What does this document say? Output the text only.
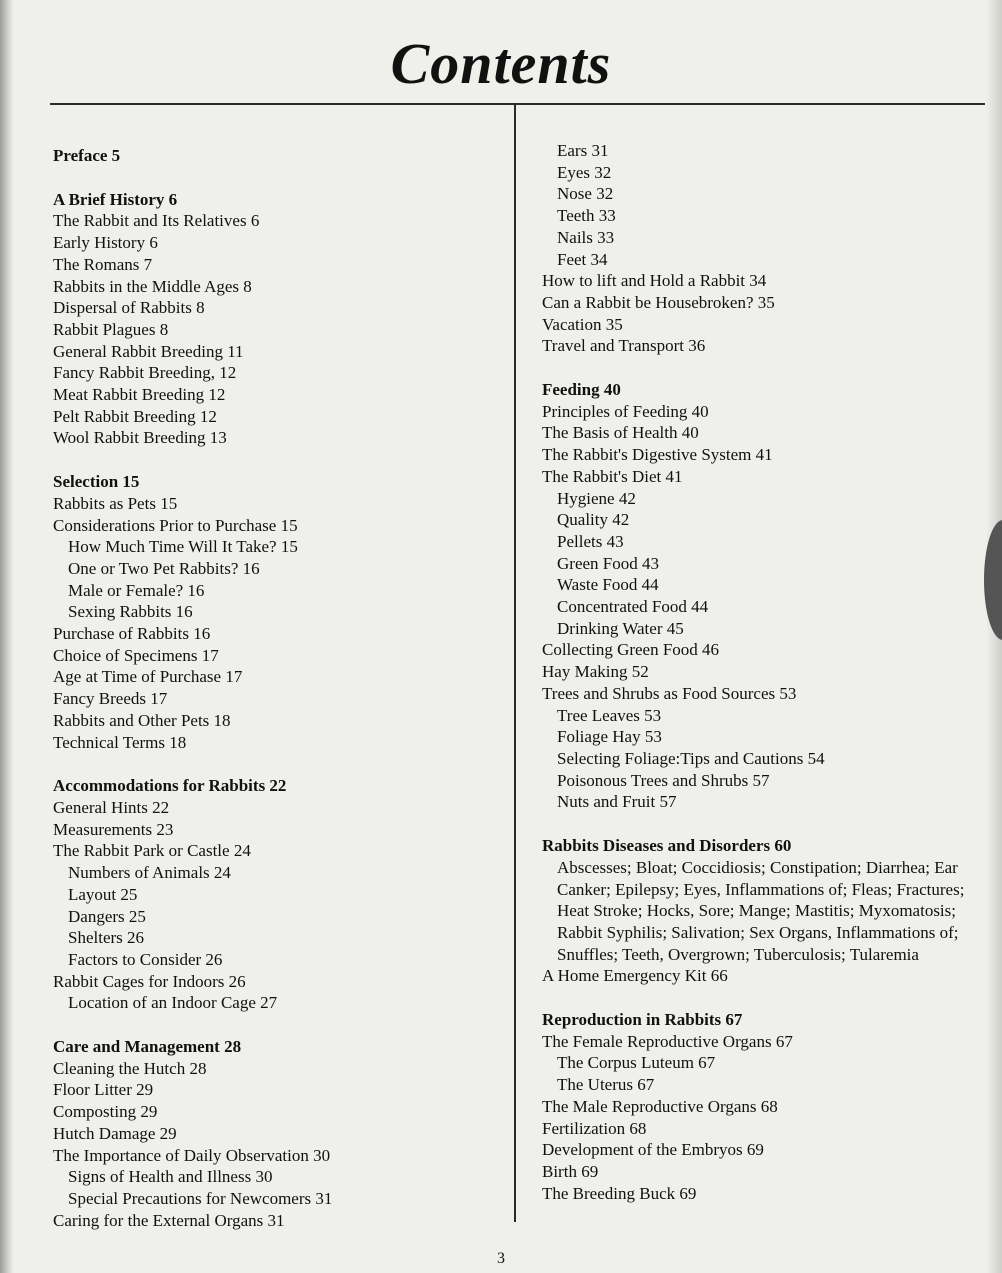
Contents
Preface 5
A Brief History 6
The Rabbit and Its Relatives 6
Early History 6
The Romans 7
Rabbits in the Middle Ages 8
Dispersal of Rabbits 8
Rabbit Plagues 8
General Rabbit Breeding 11
Fancy Rabbit Breeding, 12
Meat Rabbit Breeding 12
Pelt Rabbit Breeding 12
Wool Rabbit Breeding 13
Selection 15
Rabbits as Pets 15
Considerations Prior to Purchase 15
How Much Time Will It Take? 15
One or Two Pet Rabbits? 16
Male or Female? 16
Sexing Rabbits 16
Purchase of Rabbits 16
Choice of Specimens 17
Age at Time of Purchase 17
Fancy Breeds 17
Rabbits and Other Pets 18
Technical Terms 18
Accommodations for Rabbits 22
General Hints 22
Measurements 23
The Rabbit Park or Castle 24
Numbers of Animals 24
Layout 25
Dangers 25
Shelters 26
Factors to Consider 26
Rabbit Cages for Indoors 26
Location of an Indoor Cage 27
Care and Management 28
Cleaning the Hutch 28
Floor Litter 29
Composting 29
Hutch Damage 29
The Importance of Daily Observation 30
Signs of Health and Illness 30
Special Precautions for Newcomers 31
Caring for the External Organs 31
Ears 31
Eyes 32
Nose 32
Teeth 33
Nails 33
Feet 34
How to lift and Hold a Rabbit 34
Can a Rabbit be Housebroken? 35
Vacation 35
Travel and Transport 36
Feeding 40
Principles of Feeding 40
The Basis of Health 40
The Rabbit's Digestive System 41
The Rabbit's Diet 41
Hygiene 42
Quality 42
Pellets 43
Green Food 43
Waste Food 44
Concentrated Food 44
Drinking Water 45
Collecting Green Food 46
Hay Making 52
Trees and Shrubs as Food Sources 53
Tree Leaves 53
Foliage Hay 53
Selecting Foliage:Tips and Cautions 54
Poisonous Trees and Shrubs 57
Nuts and Fruit 57
Rabbits Diseases and Disorders 60
Abscesses; Bloat; Coccidiosis; Constipation; Diarrhea; Ear Canker; Epilepsy; Eyes, Inflammations of; Fleas; Fractures; Heat Stroke; Hocks, Sore; Mange; Mastitis; Myxomatosis; Rabbit Syphilis; Salivation; Sex Organs, Inflammations of; Snuffles; Teeth, Overgrown; Tuberculosis; Tularemia
A Home Emergency Kit 66
Reproduction in Rabbits 67
The Female Reproductive Organs 67
The Corpus Luteum 67
The Uterus 67
The Male Reproductive Organs 68
Fertilization 68
Development of the Embryos 69
Birth 69
The Breeding Buck 69
3
